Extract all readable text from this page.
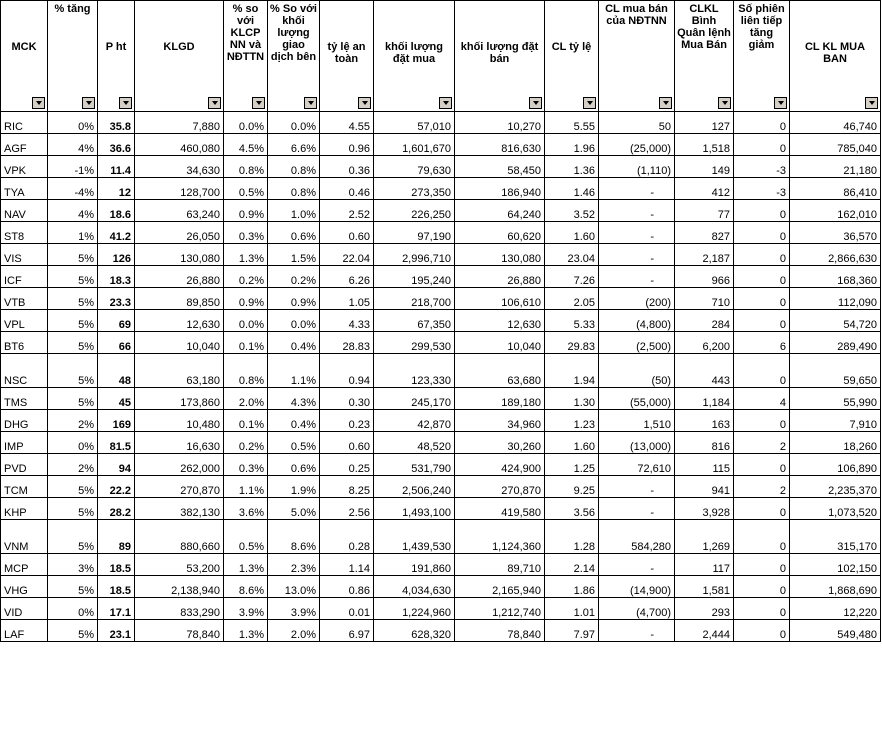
MCK	% tăng	P ht	KLGD	% so với KLCP NN và NĐTTN	% So với khối lượng giao dịch bên	tỷ lệ an toàn	khối lượng đặt mua	khối lượng đặt bán	CL tỷ lệ	CL mua bán của NĐTNN	CLKL Bình Quân lệnh Mua Bán	Số phiên liên tiếp tăng giảm	CL KL MUA BAN

RIC	0%	35.8	7,880	0.0%	0.0%	4.55	57,010	10,270	5.55	50	127	0	46,740
AGF	4%	36.6	460,080	4.5%	6.6%	0.96	1,601,670	816,630	1.96	(25,000)	1,518	0	785,040
VPK	-1%	11.4	34,630	0.8%	0.8%	0.36	79,630	58,450	1.36	(1,110)	149	-3	21,180
TYA	-4%	12	128,700	0.5%	0.8%	0.46	273,350	186,940	1.46	-	412	-3	86,410
NAV	4%	18.6	63,240	0.9%	1.0%	2.52	226,250	64,240	3.52	-	77	0	162,010
ST8	1%	41.2	26,050	0.3%	0.6%	0.60	97,190	60,620	1.60	-	827	0	36,570
VIS	5%	126	130,080	1.3%	1.5%	22.04	2,996,710	130,080	23.04	-	2,187	0	2,866,630
ICF	5%	18.3	26,880	0.2%	0.2%	6.26	195,240	26,880	7.26	-	966	0	168,360
VTB	5%	23.3	89,850	0.9%	0.9%	1.05	218,700	106,610	2.05	(200)	710	0	112,090
VPL	5%	69	12,630	0.0%	0.0%	4.33	67,350	12,630	5.33	(4,800)	284	0	54,720
BT6	5%	66	10,040	0.1%	0.4%	28.83	299,530	10,040	29.83	(2,500)	6,200	6	289,490
NSC	5%	48	63,180	0.8%	1.1%	0.94	123,330	63,680	1.94	(50)	443	0	59,650
TMS	5%	45	173,860	2.0%	4.3%	0.30	245,170	189,180	1.30	(55,000)	1,184	4	55,990
DHG	2%	169	10,480	0.1%	0.4%	0.23	42,870	34,960	1.23	1,510	163	0	7,910
IMP	0%	81.5	16,630	0.2%	0.5%	0.60	48,520	30,260	1.60	(13,000)	816	2	18,260
PVD	2%	94	262,000	0.3%	0.6%	0.25	531,790	424,900	1.25	72,610	115	0	106,890
TCM	5%	22.2	270,870	1.1%	1.9%	8.25	2,506,240	270,870	9.25	-	941	2	2,235,370
KHP	5%	28.2	382,130	3.6%	5.0%	2.56	1,493,100	419,580	3.56	-	3,928	0	1,073,520
VNM	5%	89	880,660	0.5%	8.6%	0.28	1,439,530	1,124,360	1.28	584,280	1,269	0	315,170
MCP	3%	18.5	53,200	1.3%	2.3%	1.14	191,860	89,710	2.14	-	117	0	102,150
VHG	5%	18.5	2,138,940	8.6%	13.0%	0.86	4,034,630	2,165,940	1.86	(14,900)	1,581	0	1,868,690
VID	0%	17.1	833,290	3.9%	3.9%	0.01	1,224,960	1,212,740	1.01	(4,700)	293	0	12,220
LAF	5%	23.1	78,840	1.3%	2.0%	6.97	628,320	78,840	7.97	-	2,444	0	549,480
